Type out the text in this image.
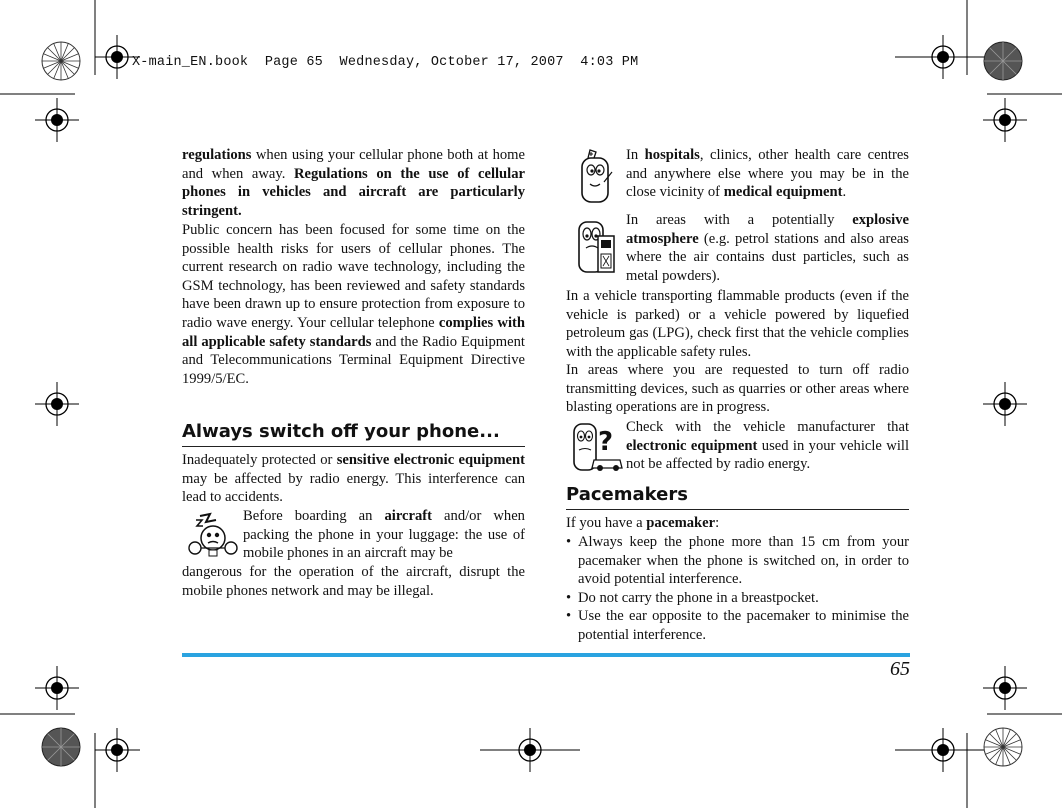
X-main_EN.book Page 65 Wednesday, October 17, 2007 4:03 PM
regulations when using your cellular phone both at home and when away. Regulations on the use of cellular phones in vehicles and aircraft are particularly stringent.
Public concern has been focused for some time on the possible health risks for users of cellular phones. The current research on radio wave technology, including the GSM technology, has been reviewed and safety standards have been drawn up to ensure protection from exposure to radio wave energy. Your cellular telephone complies with all applicable safety standards and the Radio Equipment and Telecommunications Terminal Equipment Directive 1999/5/EC.
Always switch off your phone...
Inadequately protected or sensitive electronic equipment may be affected by radio energy. This interference can lead to accidents.
Before boarding an aircraft and/or when packing the phone in your luggage: the use of mobile phones in an aircraft may be
dangerous for the operation of the aircraft, disrupt the mobile phones network and may be illegal.
In hospitals, clinics, other health care centres and anywhere else where you may be in the close vicinity of medical equipment.
In areas with a potentially explosive atmosphere (e.g. petrol stations and also areas where the air contains dust particles, such as metal powders).
In a vehicle transporting flammable products (even if the vehicle is parked) or a vehicle powered by liquefied petroleum gas (LPG), check first that the vehicle complies with the applicable safety rules.
In areas where you are requested to turn off radio transmitting devices, such as quarries or other areas where blasting operations are in progress.
? Check with the vehicle manufacturer that electronic equipment used in your vehicle will not be affected by radio energy.
Pacemakers
If you have a pacemaker:
• Always keep the phone more than 15 cm from your pacemaker when the phone is switched on, in order to avoid potential interference.
• Do not carry the phone in a breastpocket.
• Use the ear opposite to the pacemaker to minimise the potential interference.
65
